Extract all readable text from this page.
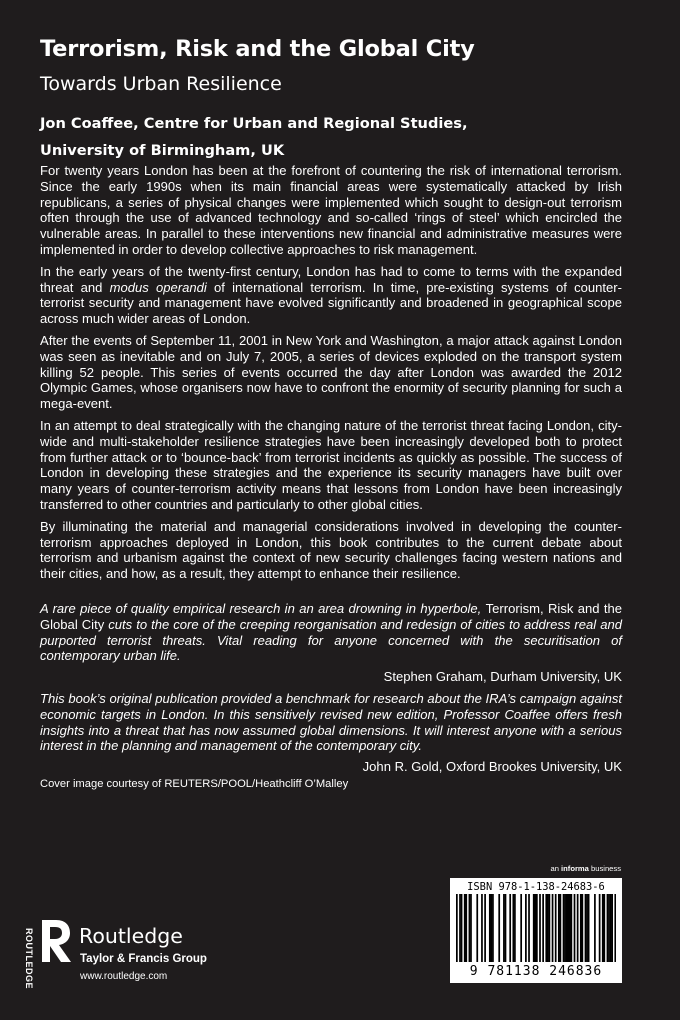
Terrorism, Risk and the Global City
Towards Urban Resilience
Jon Coaffee, Centre for Urban and Regional Studies,
University of Birmingham, UK

For twenty years London has been at the forefront of countering the risk of international terrorism. Since the early 1990s when its main financial areas were systematically attacked by Irish republicans, a series of physical changes were implemented which sought to design-out terrorism often through the use of advanced technology and so-called ‘rings of steel’ which encircled the vulnerable areas. In parallel to these interventions new financial and administrative measures were implemented in order to develop collective approaches to risk management.

In the early years of the twenty-first century, London has had to come to terms with the expanded threat and modus operandi of international terrorism. In time, pre-existing systems of counter-terrorist security and management have evolved significantly and broadened in geographical scope across much wider areas of London.

After the events of September 11, 2001 in New York and Washington, a major attack against London was seen as inevitable and on July 7, 2005, a series of devices exploded on the transport system killing 52 people. This series of events occurred the day after London was awarded the 2012 Olympic Games, whose organisers now have to confront the enormity of security planning for such a mega-event.

In an attempt to deal strategically with the changing nature of the terrorist threat facing London, city-wide and multi-stakeholder resilience strategies have been increasingly developed both to protect from further attack or to ‘bounce-back’ from terrorist incidents as quickly as possible. The success of London in developing these strategies and the experience its security managers have built over many years of counter-terrorism activity means that lessons from London have been increasingly transferred to other countries and particularly to other global cities.

By illuminating the material and managerial considerations involved in developing the counter-terrorism approaches deployed in London, this book contributes to the current debate about terrorism and urbanism against the context of new security challenges facing western nations and their cities, and how, as a result, they attempt to enhance their resilience.

A rare piece of quality empirical research in an area drowning in hyperbole, Terrorism, Risk and the Global City cuts to the core of the creeping reorganisation and redesign of cities to address real and purported terrorist threats. Vital reading for anyone concerned with the securitisation of contemporary urban life.

Stephen Graham, Durham University, UK

This book’s original publication provided a benchmark for research about the IRA’s campaign against economic targets in London. In this sensitively revised new edition, Professor Coaffee offers fresh insights into a threat that has now assumed global dimensions. It will interest anyone with a serious interest in the planning and management of the contemporary city.

John R. Gold, Oxford Brookes University, UK
Cover image courtesy of REUTERS/POOL/Heathcliff O’Malley
an informa business
ISBN 978-1-138-24683-6
9 781138 246836
ROUTLEDGE Routledge
Taylor & Francis Group
www.routledge.com
